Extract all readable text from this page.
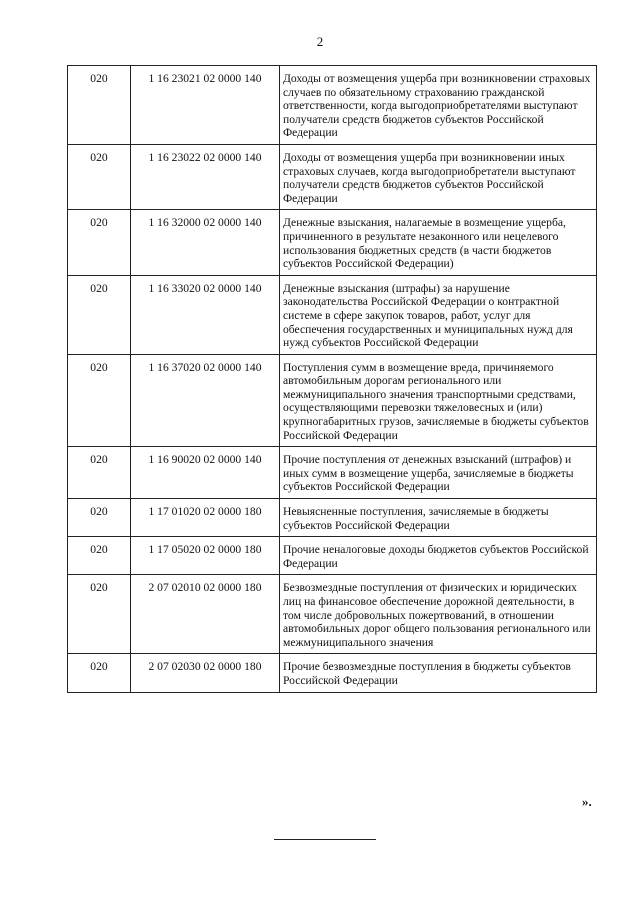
2
020	1 16 23021 02 0000 140	Доходы от возмещения ущерба при возникновении страховых случаев по обязательному страхованию гражданской ответственности, когда выгодоприобретателями выступают получатели средств бюджетов субъектов Российской Федерации
020	1 16 23022 02 0000 140	Доходы от возмещения ущерба при возникновении иных страховых случаев, когда выгодоприобретатели выступают получатели средств бюджетов субъектов Российской Федерации
020	1 16 32000 02 0000 140	Денежные взыскания, налагаемые в возмещение ущерба, причиненного в результате незаконного или нецелевого использования бюджетных средств (в части бюджетов субъектов Российской Федерации)
020	1 16 33020 02 0000 140	Денежные взыскания (штрафы) за нарушение законодательства Российской Федерации о контрактной системе в сфере закупок товаров, работ, услуг для обеспечения государственных и муниципальных нужд для нужд субъектов Российской Федерации
020	1 16 37020 02 0000 140	Поступления сумм в возмещение вреда, причиняемого автомобильным дорогам регионального или межмуниципального значения транспортными средствами, осуществляющими перевозки тяжеловесных и (или) крупногабаритных грузов, зачисляемые в бюджеты субъектов Российской Федерации
020	1 16 90020 02 0000 140	Прочие поступления от денежных взысканий (штрафов) и иных сумм в возмещение ущерба, зачисляемые в бюджеты субъектов Российской Федерации
020	1 17 01020 02 0000 180	Невыясненные поступления, зачисляемые в бюджеты субъектов Российской Федерации
020	1 17 05020 02 0000 180	Прочие неналоговые доходы бюджетов субъектов Российской Федерации
020	2 07 02010 02 0000 180	Безвозмездные поступления от физических и юридических лиц на финансовое обеспечение дорожной деятельности, в том числе добровольных пожертвований, в отношении автомобильных дорог общего пользования регионального или межмуниципального значения
020	2 07 02030 02 0000 180	Прочие безвозмездные поступления в бюджеты субъектов Российской Федерации
».
